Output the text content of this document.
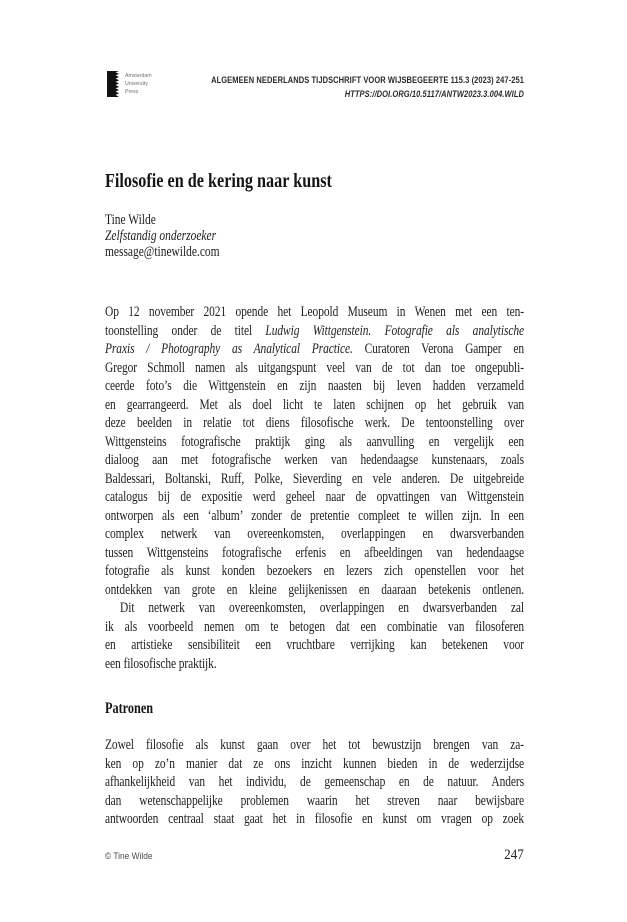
Amsterdam
University
Press
ALGEMEEN NEDERLANDS TIJDSCHRIFT VOOR WIJSBEGEERTE 115.3 (2023) 247-251
HTTPS://DOI.ORG/10.5117/ANTW2023.3.004.WILD
Filosofie en de kering naar kunst
Tine Wilde
Zelfstandig onderzoeker
message@tinewilde.com
Op 12 november 2021 opende het Leopold Museum in Wenen met een ten-
toonstelling onder de titel Ludwig Wittgenstein. Fotografie als analytische
Praxis / Photography as Analytical Practice. Curatoren Verona Gamper en
Gregor Schmoll namen als uitgangspunt veel van de tot dan toe ongepubli-
ceerde foto’s die Wittgenstein en zijn naasten bij leven hadden verzameld
en gearrangeerd. Met als doel licht te laten schijnen op het gebruik van
deze beelden in relatie tot diens filosofische werk. De tentoonstelling over
Wittgensteins fotografische praktijk ging als aanvulling en vergelijk een
dialoog aan met fotografische werken van hedendaagse kunstenaars, zoals
Baldessari, Boltanski, Ruff, Polke, Sieverding en vele anderen. De uitgebreide
catalogus bij de expositie werd geheel naar de opvattingen van Wittgenstein
ontworpen als een ‘album’ zonder de pretentie compleet te willen zijn. In een
complex netwerk van overeenkomsten, overlappingen en dwarsverbanden
tussen Wittgensteins fotografische erfenis en afbeeldingen van hedendaagse
fotografie als kunst konden bezoekers en lezers zich openstellen voor het
ontdekken van grote en kleine gelijkenissen en daaraan betekenis ontlenen.
Dit netwerk van overeenkomsten, overlappingen en dwarsverbanden zal
ik als voorbeeld nemen om te betogen dat een combinatie van filosoferen
en artistieke sensibiliteit een vruchtbare verrijking kan betekenen voor
een filosofische praktijk.
Patronen
Zowel filosofie als kunst gaan over het tot bewustzijn brengen van za-
ken op zo’n manier dat ze ons inzicht kunnen bieden in de wederzijdse
afhankelijkheid van het individu, de gemeenschap en de natuur. Anders
dan wetenschappelijke problemen waarin het streven naar bewijsbare
antwoorden centraal staat gaat het in filosofie en kunst om vragen op zoek
© Tine Wilde	247
